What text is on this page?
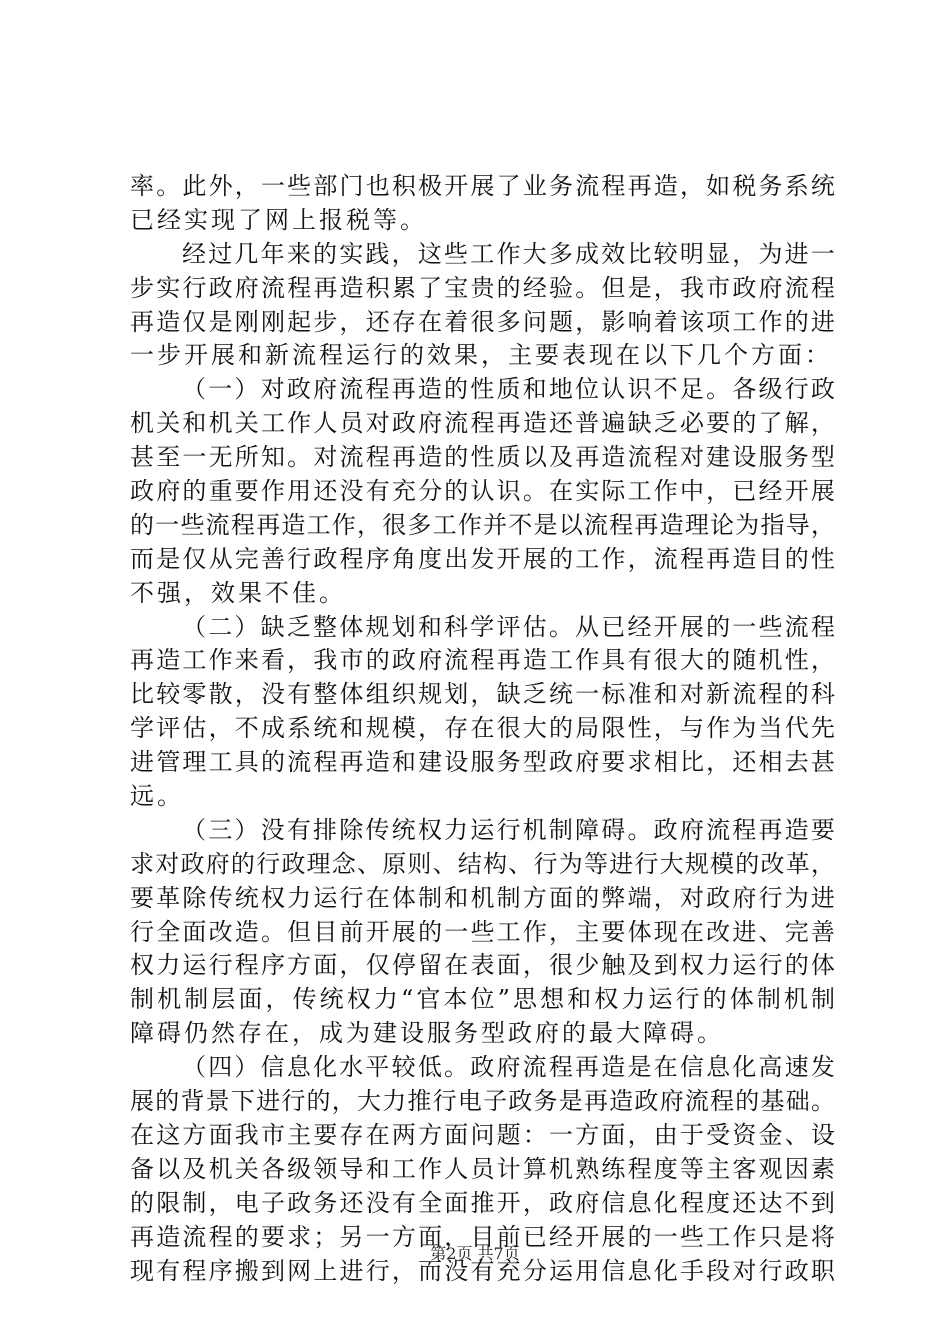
率 。 此 外 ， 一 些 部 门 也 积 极 开 展 了 业 务 流 程 再 造 ， 如 税 务 系 统
已 经 实 现 了 网 上 报 税 等 。
经 过 几 年 来 的 实 践 ， 这 些 工 作 大 多 成 效 比 较 明 显 ， 为 进 一
步 实 行 政 府 流 程 再 造 积 累 了 宝 贵 的 经 验 。 但 是 ， 我 市 政 府 流 程
再 造 仅 是 刚 刚 起 步 ， 还 存 在 着 很 多 问 题 ， 影 响 着 该 项 工 作 的 进
一 步 开 展 和 新 流 程 运 行 的 效 果 ， 主 要 表 现 在 以 下 几 个 方 面 ：
（ 一 ） 对 政 府 流 程 再 造 的 性 质 和 地 位 认 识 不 足 。 各 级 行 政
机 关 和 机 关 工 作 人 员 对 政 府 流 程 再 造 还 普 遍 缺 乏 必 要 的 了 解 ，
甚 至 一 无 所 知 。 对 流 程 再 造 的 性 质 以 及 再 造 流 程 对 建 设 服 务 型
政 府 的 重 要 作 用 还 没 有 充 分 的 认 识 。 在 实 际 工 作 中 ， 已 经 开 展
的 一 些 流 程 再 造 工 作 ， 很 多 工 作 并 不 是 以 流 程 再 造 理 论 为 指 导 ，
而 是 仅 从 完 善 行 政 程 序 角 度 出 发 开 展 的 工 作 ， 流 程 再 造 目 的 性
不 强 ， 效 果 不 佳 。
（ 二 ） 缺 乏 整 体 规 划 和 科 学 评 估 。 从 已 经 开 展 的 一 些 流 程
再 造 工 作 来 看 ， 我 市 的 政 府 流 程 再 造 工 作 具 有 很 大 的 随 机 性 ，
比 较 零 散 ， 没 有 整 体 组 织 规 划 ， 缺 乏 统 一 标 准 和 对 新 流 程 的 科
学 评 估 ， 不 成 系 统 和 规 模 ， 存 在 很 大 的 局 限 性 ， 与 作 为 当 代 先
进 管 理 工 具 的 流 程 再 造 和 建 设 服 务 型 政 府 要 求 相 比 ， 还 相 去 甚
远 。
（ 三 ） 没 有 排 除 传 统 权 力 运 行 机 制 障 碍 。 政 府 流 程 再 造 要
求 对 政 府 的 行 政 理 念 、 原 则 、 结 构 、 行 为 等 进 行 大 规 模 的 改 革 ，
要 革 除 传 统 权 力 运 行 在 体 制 和 机 制 方 面 的 弊 端 ， 对 政 府 行 为 进
行 全 面 改 造 。 但 目 前 开 展 的 一 些 工 作 ， 主 要 体 现 在 改 进 、 完 善
权 力 运 行 程 序 方 面 ， 仅 停 留 在 表 面 ， 很 少 触 及 到 权 力 运 行 的 体
制 机 制 层 面 ， 传 统 权 力 “ 官 本 位 ” 思 想 和 权 力 运 行 的 体 制 机 制
障 碍 仍 然 存 在 ， 成 为 建 设 服 务 型 政 府 的 最 大 障 碍 。
（ 四 ） 信 息 化 水 平 较 低 。 政 府 流 程 再 造 是 在 信 息 化 高 速 发
展 的 背 景 下 进 行 的 ， 大 力 推 行 电 子 政 务 是 再 造 政 府 流 程 的 基 础 。
在 这 方 面 我 市 主 要 存 在 两 方 面 问 题 ： 一 方 面 ， 由 于 受 资 金 、 设
备 以 及 机 关 各 级 领 导 和 工 作 人 员 计 算 机 熟 练 程 度 等 主 客 观 因 素
的 限 制 ， 电 子 政 务 还 没 有 全 面 推 开 ， 政 府 信 息 化 程 度 还 达 不 到
再 造 流 程 的 要 求 ； 另 一 方 面 ， 目 前 已 经 开 展 的 一 些 工 作 只 是 将
现 有 程 序 搬 到 网 上 进 行 ， 而 没 有 充 分 运 用 信 息 化 手 段 对 行 政 职
第2页 共7页
